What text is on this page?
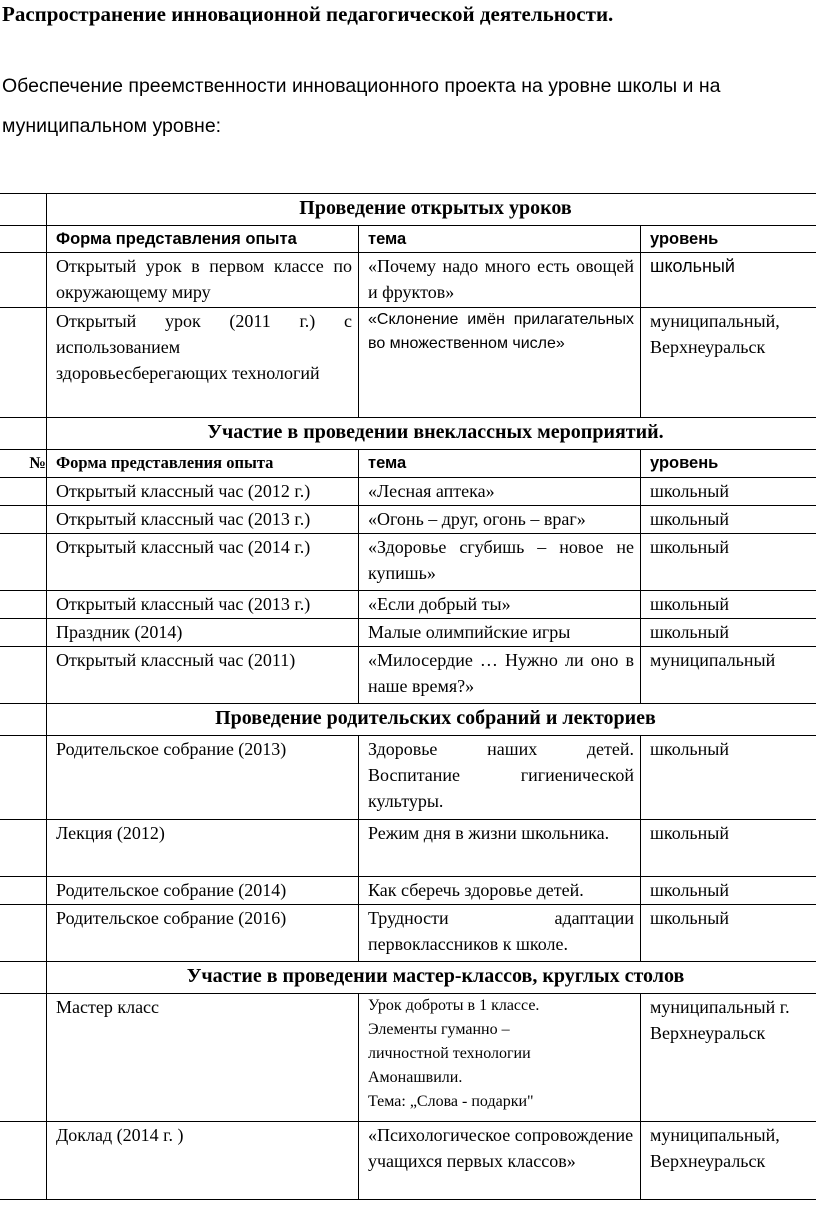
Распространение инновационной педагогической деятельности.
Обеспечение преемственности инновационного проекта на уровне школы и на муниципальном уровне:
	Проведение открытых уроков		
	Форма представления опыта	тема	уровень
	Открытый урок в первом классе по окружающему миру	«Почему надо много есть овощей и фруктов»	школьный
	Открытый урок (2011 г.) с использованием здоровьесберегающих технологий	«Склонение имён прилагательных во множественном числе»	муниципальный, Верхнеуральск
	Участие в проведении внеклассных мероприятий.		
№	Форма представления опыта	тема	уровень
	Открытый классный час (2012 г.)	«Лесная аптека»	школьный
	Открытый классный час (2013 г.)	«Огонь – друг, огонь – враг»	школьный
	Открытый классный час (2014 г.)	«Здоровье сгубишь – новое не купишь»	школьный
	Открытый классный час (2013 г.)	«Если добрый ты»	школьный
	Праздник (2014)	Малые олимпийские игры	школьный
	Открытый классный час (2011)	«Милосердие … Нужно ли оно в наше время?»	муниципальный
	Проведение родительских собраний и лекториев		
	Родительское собрание (2013)	Здоровье наших детей. Воспитание гигиенической культуры.	школьный
	Лекция (2012)	Режим дня в жизни школьника.	школьный
	Родительское собрание (2014)	Как сберечь здоровье детей.	школьный
	Родительское собрание (2016)	Трудности адаптации первоклассников к школе.	школьный
	Участие в проведении мастер-классов, круглых столов		
	Мастер класс	Урок доброты в 1 классе.
Элементы гуманно –
личностной технологии
Амонашвили.
Тема: „Слова - подарки"	муниципальный г. Верхнеуральск
	Доклад (2014 г. )	«Психологическое сопровождение учащихся первых классов»	муниципальный, Верхнеуральск
